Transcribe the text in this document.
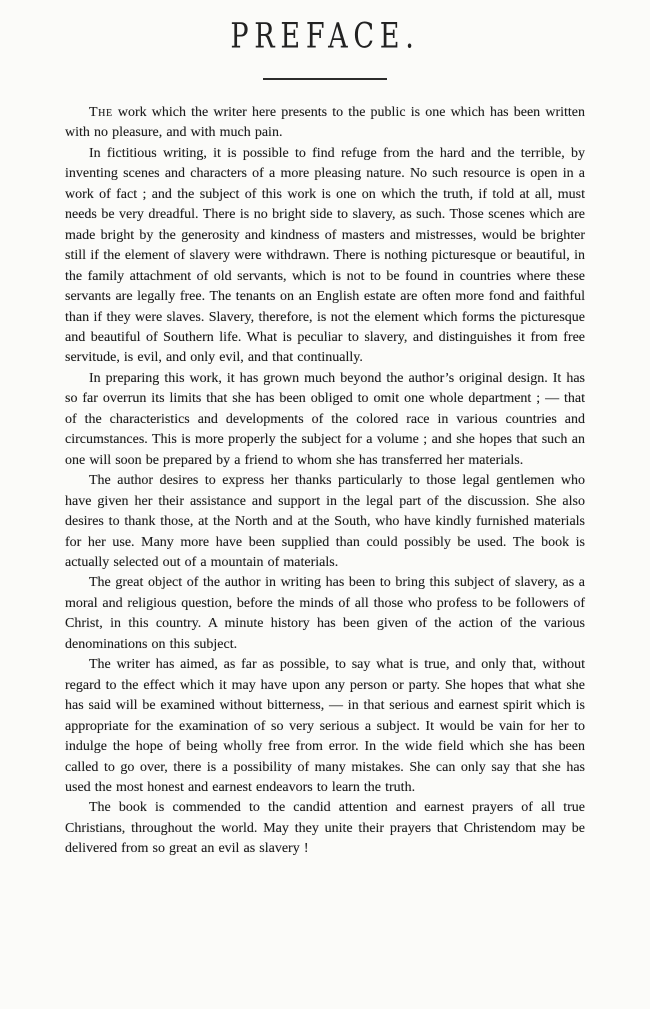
PREFACE.

The work which the writer here presents to the public is one which has been written with no pleasure, and with much pain.

In fictitious writing, it is possible to find refuge from the hard and the terrible, by inventing scenes and characters of a more pleasing nature. No such resource is open in a work of fact ; and the subject of this work is one on which the truth, if told at all, must needs be very dreadful. There is no bright side to slavery, as such. Those scenes which are made bright by the generosity and kindness of masters and mistresses, would be brighter still if the element of slavery were withdrawn. There is nothing picturesque or beautiful, in the family attachment of old servants, which is not to be found in countries where these servants are legally free. The tenants on an English estate are often more fond and faithful than if they were slaves. Slavery, therefore, is not the element which forms the picturesque and beautiful of Southern life. What is peculiar to slavery, and distinguishes it from free servitude, is evil, and only evil, and that continually.

In preparing this work, it has grown much beyond the author’s original design. It has so far overrun its limits that she has been obliged to omit one whole department ; — that of the characteristics and developments of the colored race in various countries and circumstances. This is more properly the subject for a volume ; and she hopes that such an one will soon be prepared by a friend to whom she has transferred her materials.

The author desires to express her thanks particularly to those legal gentlemen who have given her their assistance and support in the legal part of the discussion. She also desires to thank those, at the North and at the South, who have kindly furnished materials for her use. Many more have been supplied than could possibly be used. The book is actually selected out of a mountain of materials.

The great object of the author in writing has been to bring this subject of slavery, as a moral and religious question, before the minds of all those who profess to be followers of Christ, in this country. A minute history has been given of the action of the various denominations on this subject.

The writer has aimed, as far as possible, to say what is true, and only that, without regard to the effect which it may have upon any person or party. She hopes that what she has said will be examined without bitterness, — in that serious and earnest spirit which is appropriate for the examination of so very serious a subject. It would be vain for her to indulge the hope of being wholly free from error. In the wide field which she has been called to go over, there is a possibility of many mistakes. She can only say that she has used the most honest and earnest endeavors to learn the truth.

The book is commended to the candid attention and earnest prayers of all true Christians, throughout the world. May they unite their prayers that Christendom may be delivered from so great an evil as slavery !
